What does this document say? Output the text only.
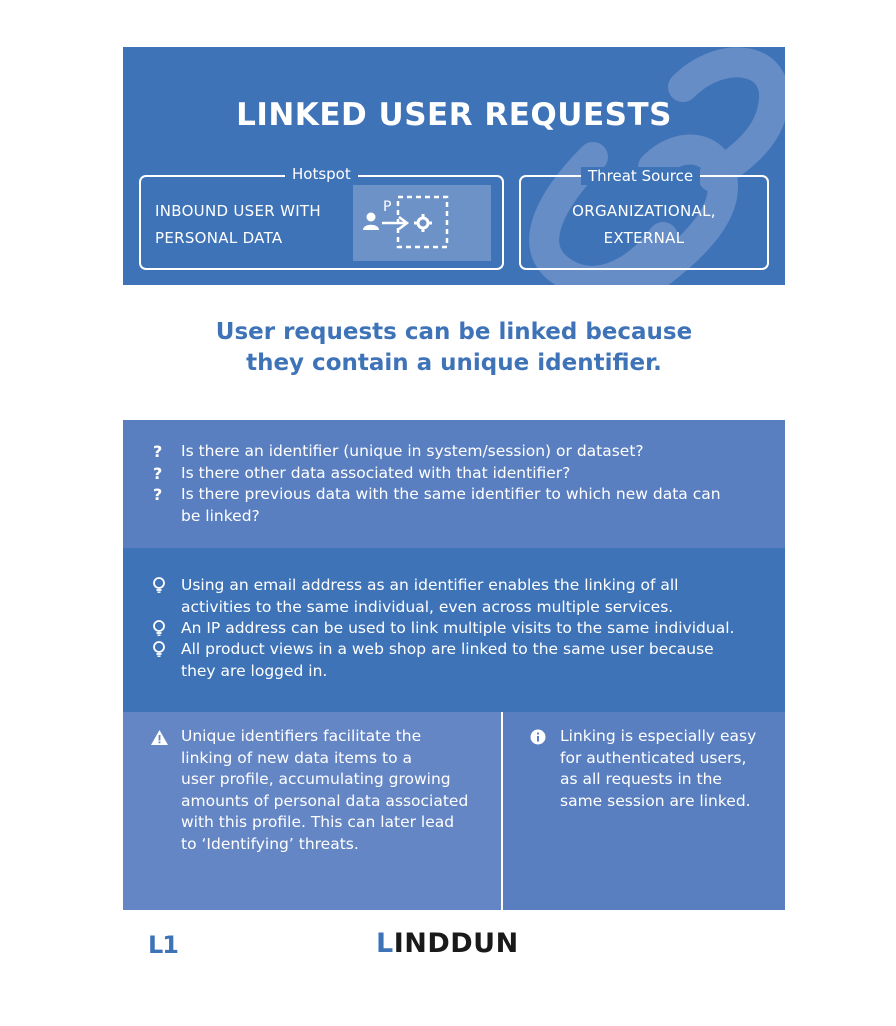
LINKED USER REQUESTS
Hotspot
INBOUND USER WITH
PERSONAL DATA
P
Threat Source
ORGANIZATIONAL,
EXTERNAL
User requests can be linked because
they contain a unique identifier.
?
?
?
Is there an identifier (unique in system/session) or dataset?
Is there other data associated with that identifier?
Is there previous data with the same identifier to which new data can
be linked?
Using an email address as an identifier enables the linking of all
activities to the same individual, even across multiple services.
An IP address can be used to link multiple visits to the same individual.
All product views in a web shop are linked to the same user because
they are logged in.
Unique identifiers facilitate the
linking of new data items to a
user profile, accumulating growing
amounts of personal data associated
with this profile. This can later lead
to ‘Identifying’ threats.
Linking is especially easy
for authenticated users,
as all requests in the
same session are linked.
L1	LINDDUN
